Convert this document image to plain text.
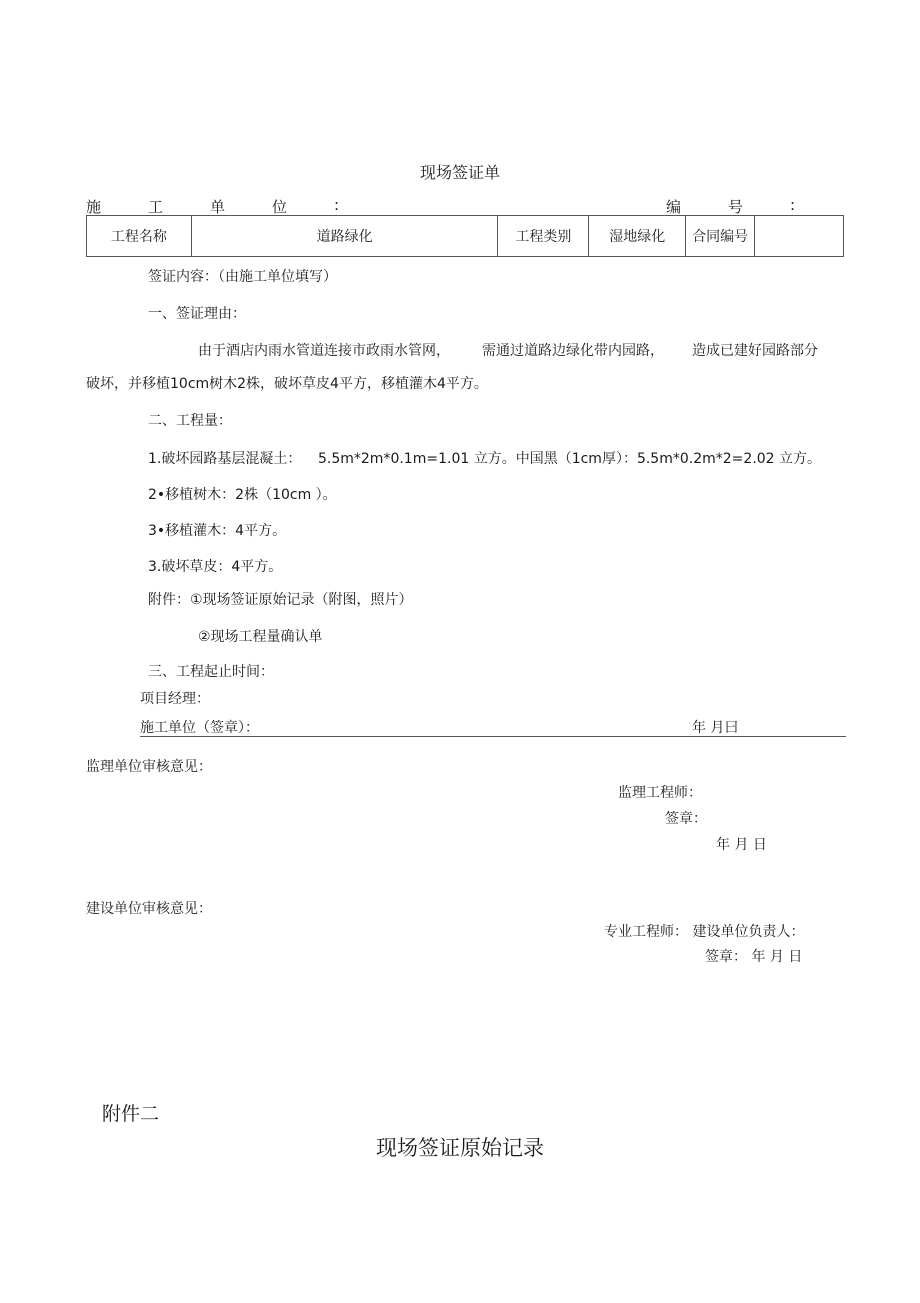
现场签证单
施	工	单	位	:	编	号	:
工程名称	道路绿化	工程类别	湿地绿化	合同编号	
签证内容：（由施工单位填写）
一、签证理由：
由于酒店内雨水管道连接市政雨水管网， 需通过道路边绿化带内园路， 造成已建好园路部分
破坏，并移植10cm树木2株，破坏草皮4平方，移植灌木4平方。
二、工程量：
1.破坏园路基层混凝土： 5.5m*2m*0.1m=1.01 立方。中国黑（1cm厚）：5.5m*0.2m*2=2.02 立方。
2•移植树木：2株（10cm ）。
3•移植灌木：4平方。
3.破坏草皮：4平方。
附件：①现场签证原始记录（附图，照片）
②现场工程量确认单
三、工程起止时间：
项目经理：
施工单位（签章）：	年 月曰
监理单位审核意见：
监理工程师：
签章：
年 月 日
建设单位审核意见：
专业工程师： 建设单位负责人：
签章： 年 月 日
附件二
现场签证原始记录
